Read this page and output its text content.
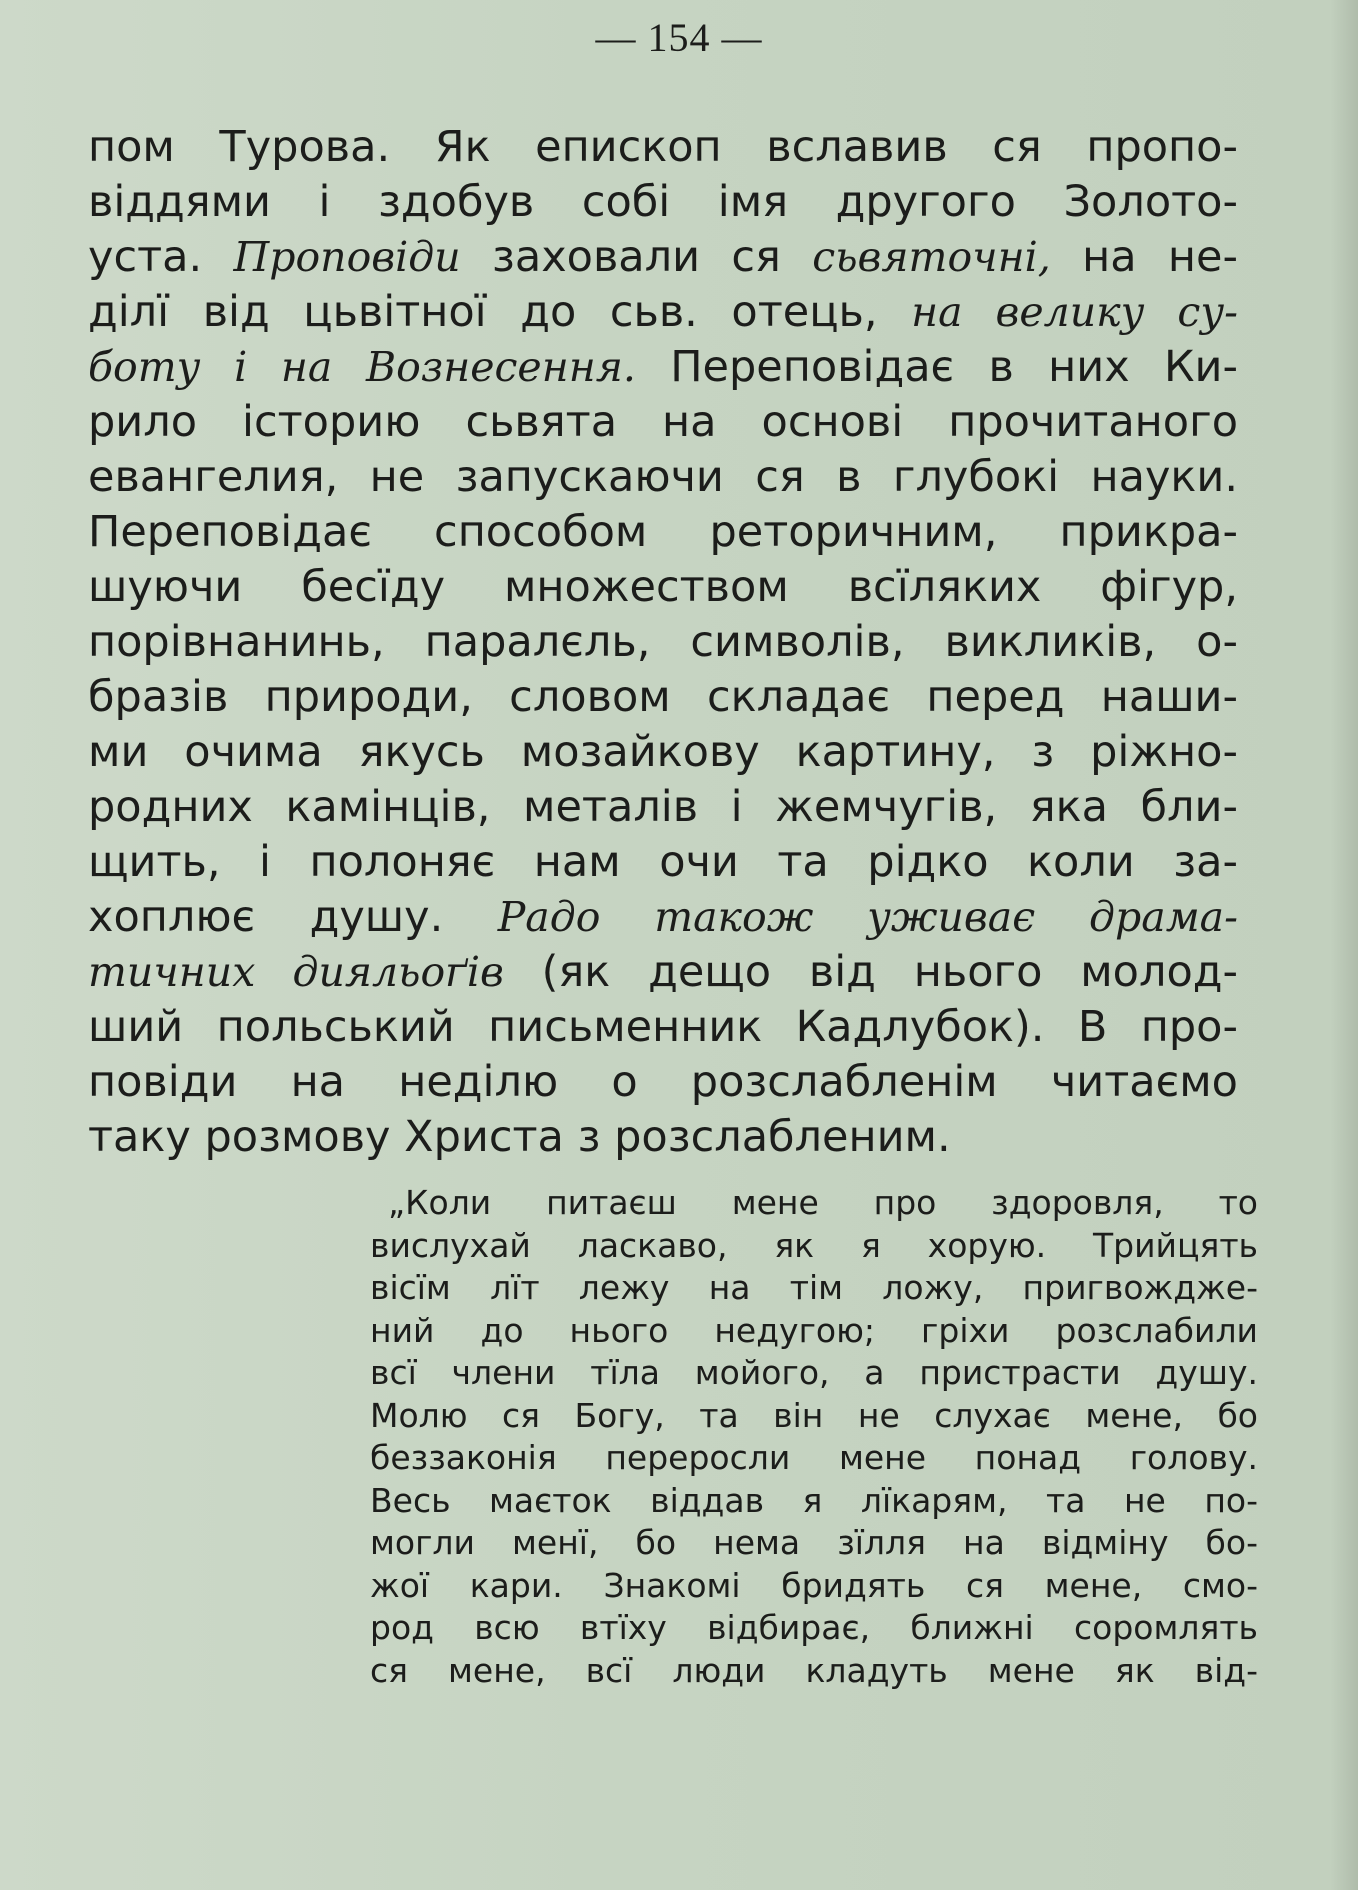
— 154 —
пом Турова. Як епископ вславив ся пропо-
віддями і здобув собі імя другого Золото-
уста. Проповіди заховали ся сьвяточні, на не-
ділї від цьвітної до сьв. отець, на велику су-
боту і на Вознесення. Переповідає в них Ки-
рило історию сьвята на основі прочитаного
евангелия, не запускаючи ся в глубокі науки.
Переповідає способом реторичним, прикра-
шуючи бесїду множеством всїляких фігур,
порівнанинь, паралєль, символів, викликів, о-
бразів природи, словом складає перед наши-
ми очима якусь мозайкову картину, з ріжно-
родних камінців, металів і жемчугів, яка бли-
щить, і полоняє нам очи та рідко коли за-
хоплює душу. Радо також уживає драма-
тичних дияльоґів (як дещо від нього молод-
ший польський письменник Кадлубок). В про-
повіди на неділю о розслабленім читаємо
таку розмову Христа з розслабленим.
„Коли питаєш мене про здоровля, то
вислухай ласкаво, як я хорую. Трийцять
вісїм лїт лежу на тім ложу, пригвожджe-
ний до нього недугою; гріхи розслабили
всї члени тїла мойого, а пристрасти душу.
Молю ся Богу, та він не слухає мене, бо
беззаконія переросли мене понад голову.
Весь маєток віддав я лїкарям, та не по-
могли менї, бо нема зїлля на відміну бо-
жої кари. Знакомі бридять ся мене, смо-
род всю втїху відбирає, ближні соромлять
ся мене, всї люди кладуть мене як від-
